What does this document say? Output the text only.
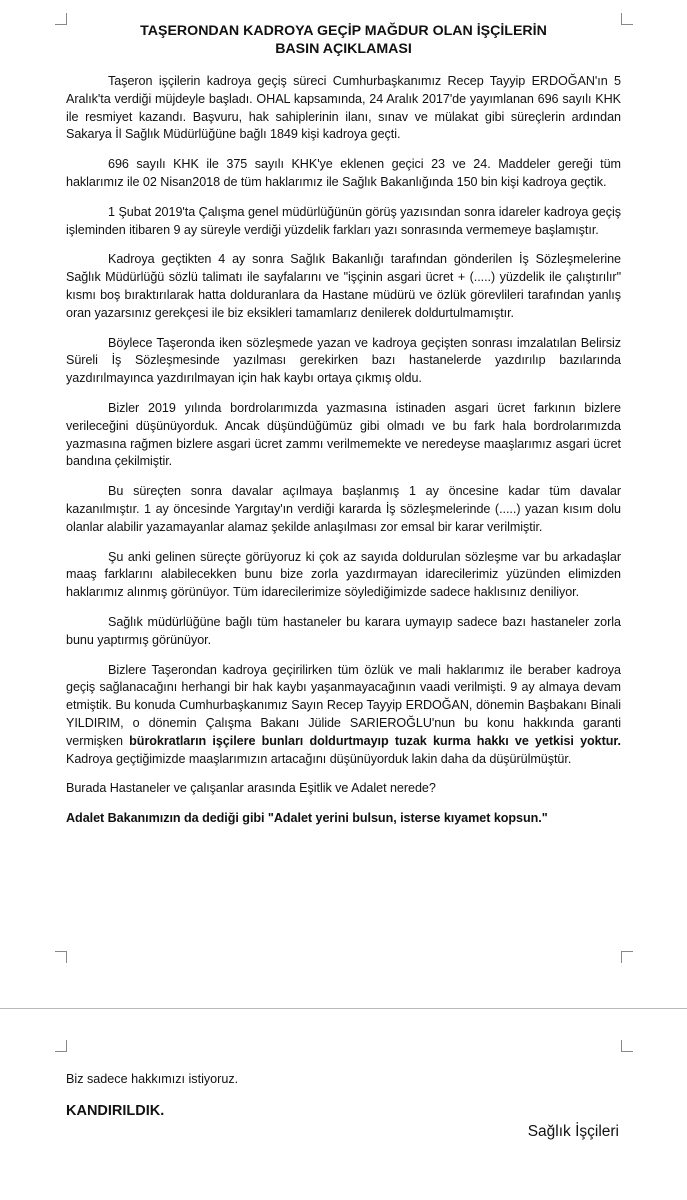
TAŞERONDAN KADROYA GEÇİP MAĞDUR OLAN İŞÇİLERİN
BASIN AÇIKLAMASI

Taşeron işçilerin kadroya geçiş süreci Cumhurbaşkanımız Recep Tayyip ERDOĞAN'ın 5 Aralık'ta verdiği müjdeyle başladı. OHAL kapsamında, 24 Aralık 2017'de yayımlanan 696 sayılı KHK ile resmiyet kazandı. Başvuru, hak sahiplerinin ilanı, sınav ve mülakat gibi süreçlerin ardından Sakarya İl Sağlık Müdürlüğüne bağlı 1849 kişi kadroya geçti.

696 sayılı KHK ile 375 sayılı KHK'ye eklenen geçici 23 ve 24. Maddeler gereği tüm haklarımız ile 02 Nisan2018 de tüm haklarımız ile Sağlık Bakanlığında 150 bin kişi kadroya geçtik.

1 Şubat 2019'ta Çalışma genel müdürlüğünün görüş yazısından sonra idareler kadroya geçiş işleminden itibaren 9 ay süreyle verdiği yüzdelik farkları yazı sonrasında vermemeye başlamıştır.

Kadroya geçtikten 4 ay sonra Sağlık Bakanlığı tarafından gönderilen İş Sözleşmelerine Sağlık Müdürlüğü sözlü talimatı ile sayfalarını ve "işçinin asgari ücret + (.....) yüzdelik ile çalıştırılır" kısmı boş bıraktırılarak hatta dolduranlara da Hastane müdürü ve özlük görevlileri tarafından yanlış oran yazarsınız gerekçesi ile biz eksikleri tamamlarız denilerek doldurtulmamıştır.

Böylece Taşeronda iken sözleşmede yazan ve kadroya geçişten sonrası imzalatılan Belirsiz Süreli İş Sözleşmesinde yazılması gerekirken bazı hastanelerde yazdırılıp bazılarında yazdırılmayınca yazdırılmayan için hak kaybı ortaya çıkmış oldu.

Bizler 2019 yılında bordrolarımızda yazmasına istinaden asgari ücret farkının bizlere verileceğini düşünüyorduk. Ancak düşündüğümüz gibi olmadı ve bu fark hala bordrolarımızda yazmasına rağmen bizlere asgari ücret zammı verilmemekte ve neredeyse maaşlarımız asgari ücret bandına çekilmiştir.

Bu süreçten sonra davalar açılmaya başlanmış 1 ay öncesine kadar tüm davalar kazanılmıştır. 1 ay öncesinde Yargıtay'ın verdiği kararda İş sözleşmelerinde (.....) yazan kısım dolu olanlar alabilir yazamayanlar alamaz şekilde anlaşılması zor emsal bir karar verilmiştir.

Şu anki gelinen süreçte görüyoruz ki çok az sayıda doldurulan sözleşme var bu arkadaşlar maaş farklarını alabilecekken bunu bize zorla yazdırmayan idarecilerimiz yüzünden elimizden haklarımız alınmış görünüyor. Tüm idarecilerimize söylediğimizde sadece haklısınız deniliyor.

Sağlık müdürlüğüne bağlı tüm hastaneler bu karara uymayıp sadece bazı hastaneler zorla bunu yaptırmış görünüyor.

Bizlere Taşerondan kadroya geçirilirken tüm özlük ve mali haklarımız ile beraber kadroya geçiş sağlanacağını herhangi bir hak kaybı yaşanmayacağının vaadi verilmişti. 9 ay almaya devam etmiştik. Bu konuda Cumhurbaşkanımız Sayın Recep Tayyip ERDOĞAN, dönemin Başbakanı Binali YILDIRIM, o dönemin Çalışma Bakanı Jülide SARIEROĞLU'nun bu konu hakkında garanti vermişken bürokratların işçilere bunları doldurtmayıp tuzak kurma hakkı ve yetkisi yoktur. Kadroya geçtiğimizde maaşlarımızın artacağını düşünüyorduk lakin daha da düşürülmüştür.

Burada Hastaneler ve çalışanlar arasında Eşitlik ve Adalet nerede?

Adalet Bakanımızın da dediği gibi "Adalet yerini bulsun, isterse kıyamet kopsun."

Biz sadece hakkımızı istiyoruz.
KANDIRILDIK.
Sağlık İşçileri
